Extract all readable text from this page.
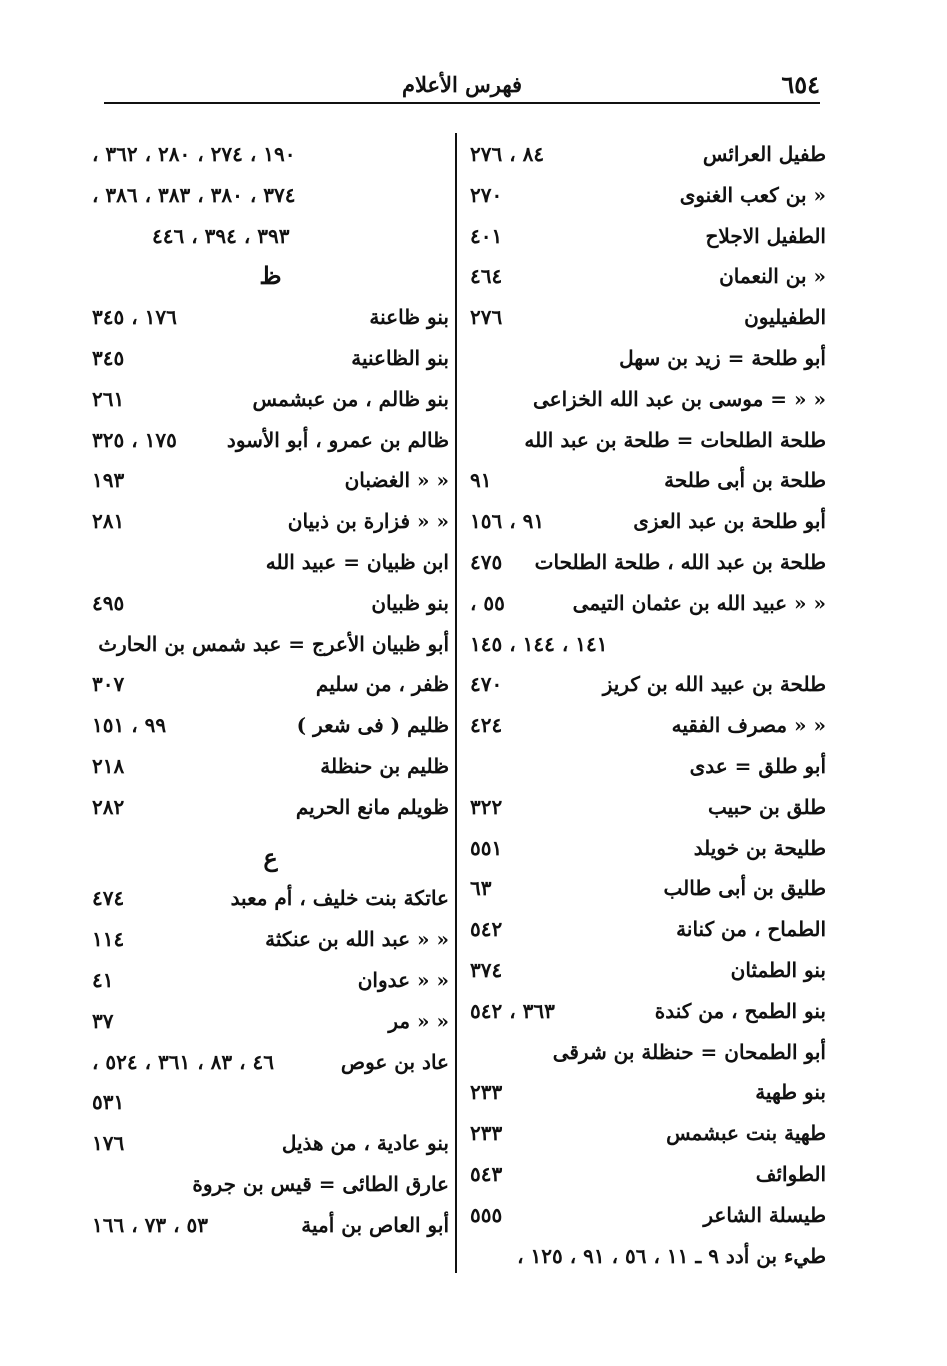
٦٥٤
فهرس الأعلام
طفيل العرائس
٨٤ ، ٢٧٦
« بن كعب الغنوى
٢٧٠
الطفيل الاجلاح
٤٠١
« بن النعمان
٤٦٤
الطفيليون
٢٧٦
أبو طلحة = زيد بن سهل
« « = موسى بن عبد الله الخزاعى
طلحة الطلحات = طلحة بن عبد الله
طلحة بن أبى طلحة
٩١
أبو طلحة بن عبد العزى
٩١ ، ١٥٦
طلحة بن عبد الله ، طلحة الطلحات
٤٧٥
« « عبيد الله بن عثمان التيمى
٥٥ ،
١٤١ ، ١٤٤ ، ١٤٥
طلحة بن عبيد الله بن كريز
٤٧٠
« « مصرف الفقيه
٤٢٤
أبو طلق = عدى
طلق بن حبيب
٣٢٢
طليحة بن خويلد
٥٥١
طليق بن أبى طالب
٦٣
الطماح ، من كنانة
٥٤٢
بنو الطمثان
٣٧٤
بنو الطمح ، من كندة
٣٦٣ ، ٥٤٢
أبو الطمحان = حنظلة بن شرقى
بنو طهية
٢٣٣
طهية بنت عبشمس
٢٣٣
الطوائف
٥٤٣
طيسلة الشاعر
٥٥٥
طيء بن أدد ٩ ـ ١١ ، ٥٦ ، ٩١ ، ١٢٥ ،
١٩٠ ، ٢٧٤ ، ٢٨٠ ، ٣٦٢ ،
٣٧٤ ، ٣٨٠ ، ٣٨٣ ، ٣٨٦ ،
٣٩٣ ، ٣٩٤ ، ٤٤٦
ظ
بنو ظاعنة
١٧٦ ، ٣٤٥
بنو الظاعنية
٣٤٥
بنو ظالم ، من عبشمس
٢٦١
ظالم بن عمرو ، أبو الأسود
١٧٥ ، ٣٢٥
« « الغضبان
١٩٣
« « فزارة بن ذبيان
٢٨١
ابن ظبيان = عبيد الله
بنو ظبيان
٤٩٥
أبو ظبيان الأعرج = عبد شمس بن الحارث
ظفر ، من سليم
٣٠٧
ظليم ( فى شعر )
٩٩ ، ١٥١
ظليم بن حنظلة
٢١٨
ظويلم مانع الحريم
٢٨٢
ع
عاتكة بنت خليف ، أم معبد
٤٧٤
« « عبد الله بن عنكثة
١١٤
« « عدوان
٤١
« « مر
٣٧
عاد بن عوص
٤٦ ، ٨٣ ، ٣٦١ ، ٥٢٤ ،
٥٣١
بنو عادية ، من هذيل
١٧٦
عارق الطائى = قيس بن جروة
أبو العاص بن أمية
٥٣ ، ٧٣ ، ١٦٦
